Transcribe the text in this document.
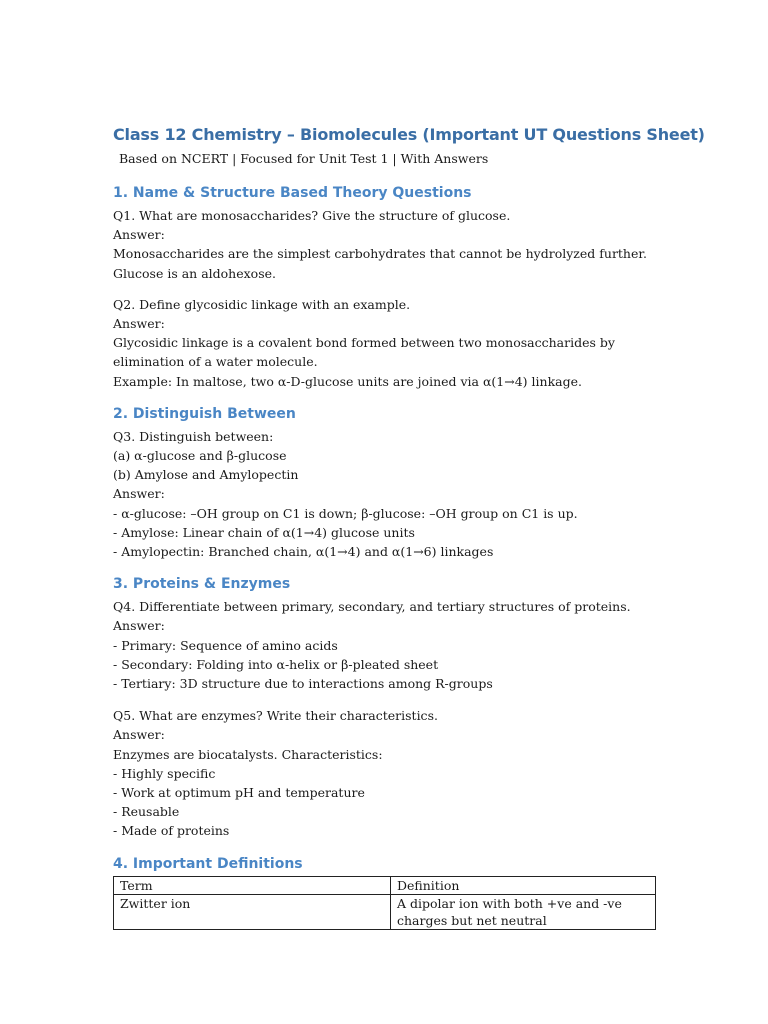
Class 12 Chemistry – Biomolecules (Important UT Questions Sheet)

Based on NCERT | Focused for Unit Test 1 | With Answers

1. Name & Structure Based Theory Questions

Q1. What are monosaccharides? Give the structure of glucose.

Answer:

Monosaccharides are the simplest carbohydrates that cannot be hydrolyzed further.

Glucose is an aldohexose.

Q2. Define glycosidic linkage with an example.

Answer:

Glycosidic linkage is a covalent bond formed between two monosaccharides by elimination of a water molecule.

Example: In maltose, two α-D-glucose units are joined via α(1→4) linkage.

2. Distinguish Between

Q3. Distinguish between:

(a) α-glucose and β-glucose

(b) Amylose and Amylopectin

Answer:

- α-glucose: –OH group on C1 is down; β-glucose: –OH group on C1 is up.

- Amylose: Linear chain of α(1→4) glucose units

- Amylopectin: Branched chain, α(1→4) and α(1→6) linkages

3. Proteins & Enzymes

Q4. Differentiate between primary, secondary, and tertiary structures of proteins.

Answer:

- Primary: Sequence of amino acids

- Secondary: Folding into α-helix or β-pleated sheet

- Tertiary: 3D structure due to interactions among R-groups

Q5. What are enzymes? Write their characteristics.

Answer:

Enzymes are biocatalysts. Characteristics:

- Highly specific

- Work at optimum pH and temperature

- Reusable

- Made of proteins

4. Important Definitions
Term	Definition
Zwitter ion	A dipolar ion with both +ve and -ve charges but net neutral
